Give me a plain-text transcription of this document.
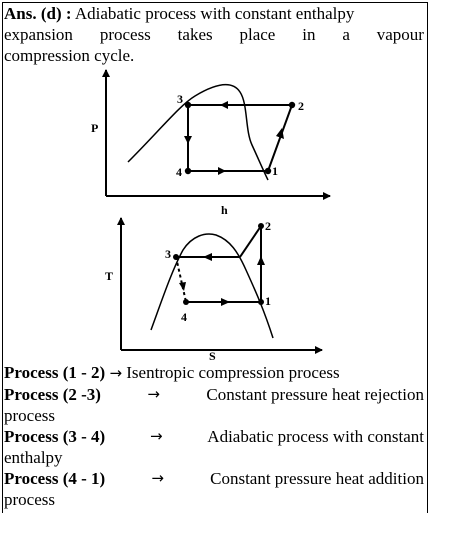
Ans. (d) : Adiabatic process with constant enthalpy
expansion process takes place in a vapour
compression cycle.
P
h
1
2
3
4
T
S
1
2
3
4
Process (1 - 2) → Isentropic compression process
Process (2 -3)	→	Constant pressure heat rejection
process
Process (3 - 4)	→	Adiabatic process with constant
enthalpy
Process (4 - 1)	→	Constant pressure heat addition
process
